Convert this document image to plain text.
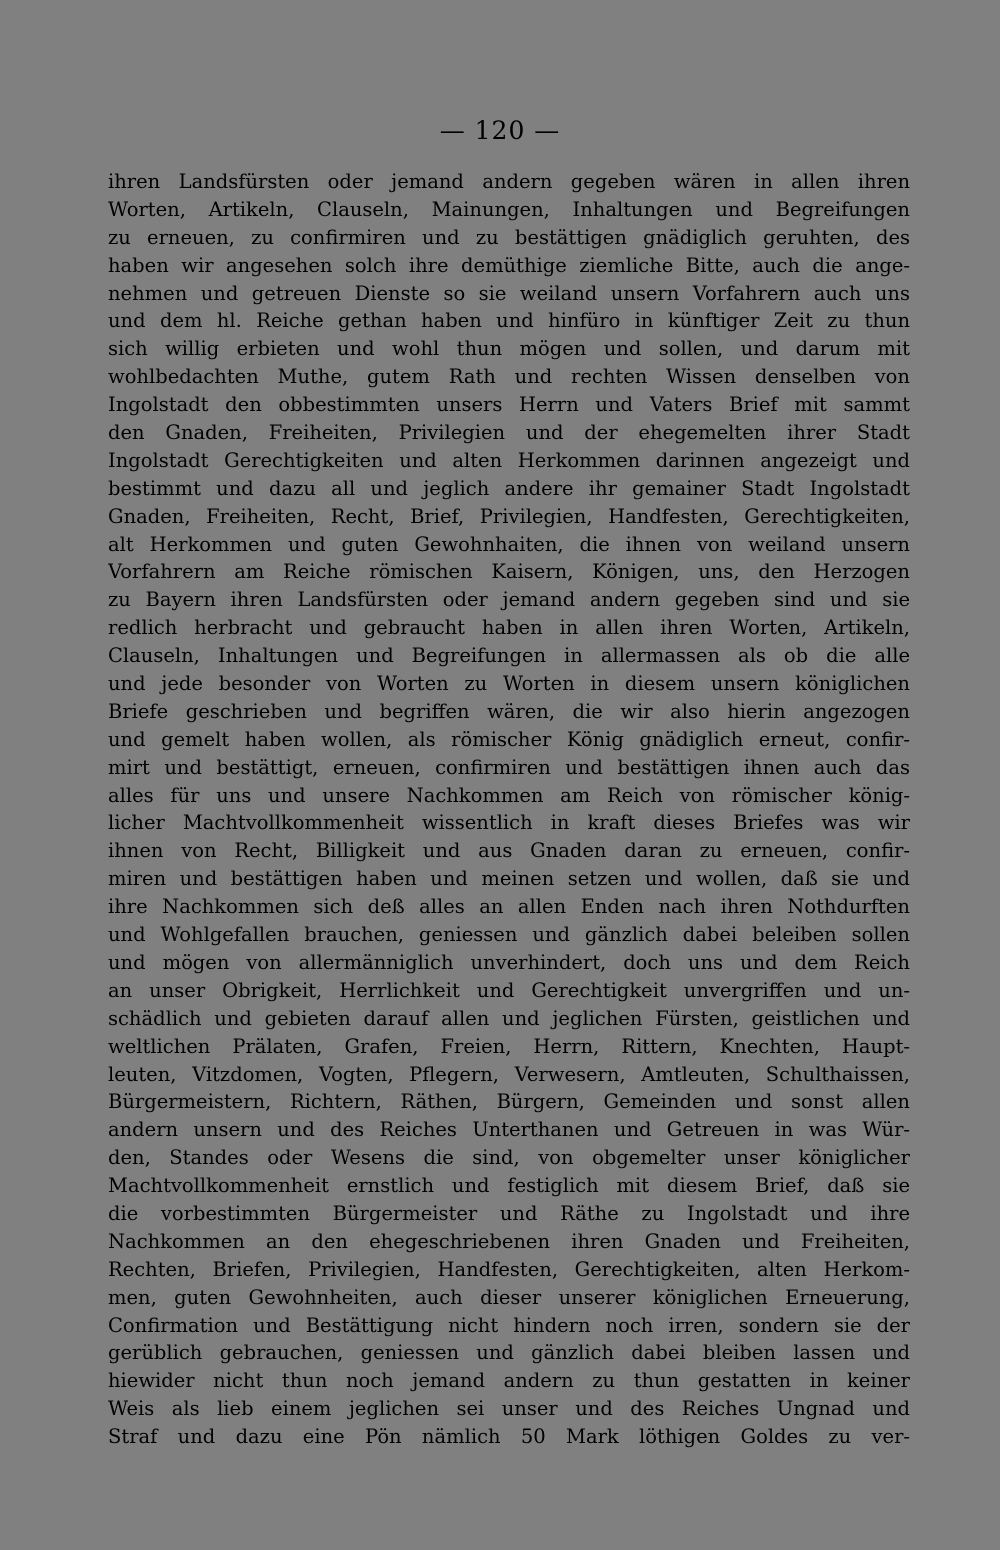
— 120 —
ihren Landsfürsten oder jemand andern gegeben wären in allen ihren
Worten, Artikeln, Clauseln, Mainungen, Inhaltungen und Begreifungen
zu erneuen, zu confirmiren und zu bestättigen gnädiglich geruhten, des
haben wir angesehen solch ihre demüthige ziemliche Bitte, auch die ange-
nehmen und getreuen Dienste so sie weiland unsern Vorfahrern auch uns
und dem hl. Reiche gethan haben und hinfüro in künftiger Zeit zu thun
sich willig erbieten und wohl thun mögen und sollen, und darum mit
wohlbedachten Muthe, gutem Rath und rechten Wissen denselben von
Ingolstadt den obbestimmten unsers Herrn und Vaters Brief mit sammt
den Gnaden, Freiheiten, Privilegien und der ehegemelten ihrer Stadt
Ingolstadt Gerechtigkeiten und alten Herkommen darinnen angezeigt und
bestimmt und dazu all und jeglich andere ihr gemainer Stadt Ingolstadt
Gnaden, Freiheiten, Recht, Brief, Privilegien, Handfesten, Gerechtigkeiten,
alt Herkommen und guten Gewohnhaiten, die ihnen von weiland unsern
Vorfahrern am Reiche römischen Kaisern, Königen, uns, den Herzogen
zu Bayern ihren Landsfürsten oder jemand andern gegeben sind und sie
redlich herbracht und gebraucht haben in allen ihren Worten, Artikeln,
Clauseln, Inhaltungen und Begreifungen in allermassen als ob die alle
und jede besonder von Worten zu Worten in diesem unsern königlichen
Briefe geschrieben und begriffen wären, die wir also hierin angezogen
und gemelt haben wollen, als römischer König gnädiglich erneut, confir-
mirt und bestättigt, erneuen, confirmiren und bestättigen ihnen auch das
alles für uns und unsere Nachkommen am Reich von römischer könig-
licher Machtvollkommenheit wissentlich in kraft dieses Briefes was wir
ihnen von Recht, Billigkeit und aus Gnaden daran zu erneuen, confir-
miren und bestättigen haben und meinen setzen und wollen, daß sie und
ihre Nachkommen sich deß alles an allen Enden nach ihren Nothdurften
und Wohlgefallen brauchen, geniessen und gänzlich dabei beleiben sollen
und mögen von allermänniglich unverhindert, doch uns und dem Reich
an unser Obrigkeit, Herrlichkeit und Gerechtigkeit unvergriffen und un-
schädlich und gebieten darauf allen und jeglichen Fürsten, geistlichen und
weltlichen Prälaten, Grafen, Freien, Herrn, Rittern, Knechten, Haupt-
leuten, Vitzdomen, Vogten, Pflegern, Verwesern, Amtleuten, Schulthaissen,
Bürgermeistern, Richtern, Räthen, Bürgern, Gemeinden und sonst allen
andern unsern und des Reiches Unterthanen und Getreuen in was Wür-
den, Standes oder Wesens die sind, von obgemelter unser königlicher
Machtvollkommenheit ernstlich und festiglich mit diesem Brief, daß sie
die vorbestimmten Bürgermeister und Räthe zu Ingolstadt und ihre
Nachkommen an den ehegeschriebenen ihren Gnaden und Freiheiten,
Rechten, Briefen, Privilegien, Handfesten, Gerechtigkeiten, alten Herkom-
men, guten Gewohnheiten, auch dieser unserer königlichen Erneuerung,
Confirmation und Bestättigung nicht hindern noch irren, sondern sie der
gerüblich gebrauchen, geniessen und gänzlich dabei bleiben lassen und
hiewider nicht thun noch jemand andern zu thun gestatten in keiner
Weis als lieb einem jeglichen sei unser und des Reiches Ungnad und
Straf und dazu eine Pön nämlich 50 Mark löthigen Goldes zu ver-
